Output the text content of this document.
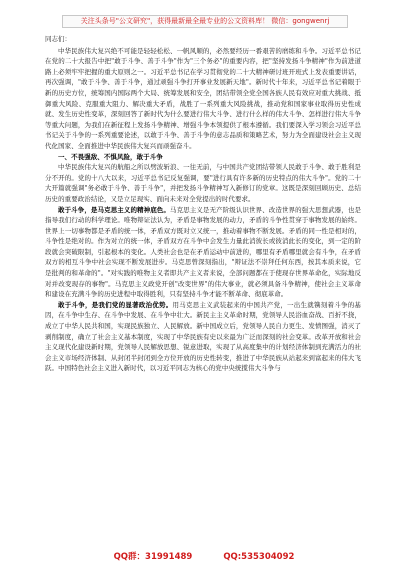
关注头条号"公文研究"，获得最新最全最专业的公文资料库！ 微信：gongwenrj
同志们：

中华民族伟大复兴绝不可能是轻轻松松、一帆风顺的，必然要经历一番艰苦的磨练和斗争。习近平总书记在党的二十大报告中把"敢于斗争、善于斗争"作为"三个务必"的重要内容，把"坚持发扬斗争精神"作为前进道路上必须牢牢把握的重大原则之一。习近平总书记在学习贯彻党的二十大精神研讨班开班式上发表重要讲话，再次强调，"敢于斗争、善于斗争，通过顽强斗争打开事业发展新天地"。新时代十年来，习近平总书记着眼于新的历史方位，统筹国内国际两个大局、统筹发展和安全，团结带领全党全国各族人民有效应对重大挑战、抵御重大风险、克服重大阻力、解决重大矛盾，战胜了一系列重大风险挑战，推动党和国家事业取得历史性成就、发生历史性变革，深刻回答了新时代为什么要进行伟大斗争、进行什么样的伟大斗争、怎样进行伟大斗争等重大问题，为我们在新征程上发扬斗争精神、增强斗争本领提供了根本遵循。我们要深入学习领会习近平总书记关于斗争的一系列重要论述，以敢于斗争、善于斗争的意志品质和策略艺术，努力为全面建设社会主义现代化国家、全面推进中华民族伟大复兴而顽强奋斗。

一、不畏强敌、不惧风险，敢于斗争

中华民族伟大复兴的航船之所以劈波斩浪、一往无前，与中国共产党团结带领人民敢于斗争、敢于胜利是分不开的。党的十八大以来，习近平总书记反复强调，要"进行具有许多新的历史特点的伟大斗争"。党的二十大开篇就强调"务必敢于斗争、善于斗争"，并把发扬斗争精神写入新修订的党章。这既是深刻回顾历史、总结历史的重要政治结论，又是立足现实、面向未来对全党提出的时代要求。

敢于斗争，是马克思主义的精神底色。马克思主义是无产阶级认识世界、改造世界的强大思想武器，也是指导我们行动的科学理论。唯物辩证法认为，矛盾是事物发展的动力，矛盾的斗争性贯穿于事物发展的始终。世界上一切事物都是矛盾的统一体，矛盾双方既对立又统一，推动着事物不断发展。矛盾的同一性是相对的，斗争性是绝对的。作为对立的统一体，矛盾双方在斗争中会发生力量此消彼长或彼消此长的变化，到一定的阶段就会突破限制，引起根本的变化。人类社会也是在矛盾运动中前进的，哪里有矛盾哪里就会有斗争，在矛盾双方的相互斗争中社会实现不断发展进步。马克思曾深刻指出，"辩证法不崇拜任何东西，按其本质来说，它是批判的和革命的"。"对实践的唯物主义者即共产主义者来说，全部问题都在于使现存世界革命化，实际地反对并改变现存的事物"。马克思主义政党开创"改变世界"的伟大事业，就必须具备斗争精神，使社会主义革命和建设在充满斗争的历史进程中取得胜利，只有坚持斗争才能不断革命、彻底革命。

敢于斗争，是我们党的显著政治优势。用马克思主义武装起来的中国共产党，一出生就镌刻着斗争的基因，在斗争中生存、在斗争中发展、在斗争中壮大。新民主主义革命时期，党领导人民浴血奋战、百折不挠，成立了中华人民共和国，实现民族独立、人民解放。新中国成立后，党领导人民自力更生、发愤图强，消灭了剥削制度，确立了社会主义基本制度，实现了中华民族有史以来最为广泛而深刻的社会变革。改革开放和社会主义现代化建设新时期，党领导人民解放思想、锐意进取，实现了从高度集中的计划经济体制到充满活力的社会主义市场经济体制、从封闭半封闭到全方位开放的历史性转变，推进了中华民族从站起来到富起来的伟大飞跃。中国特色社会主义进入新时代，以习近平同志为核心的党中央统揽伟大斗争与

QQ群：31991489	QQ:535304092
